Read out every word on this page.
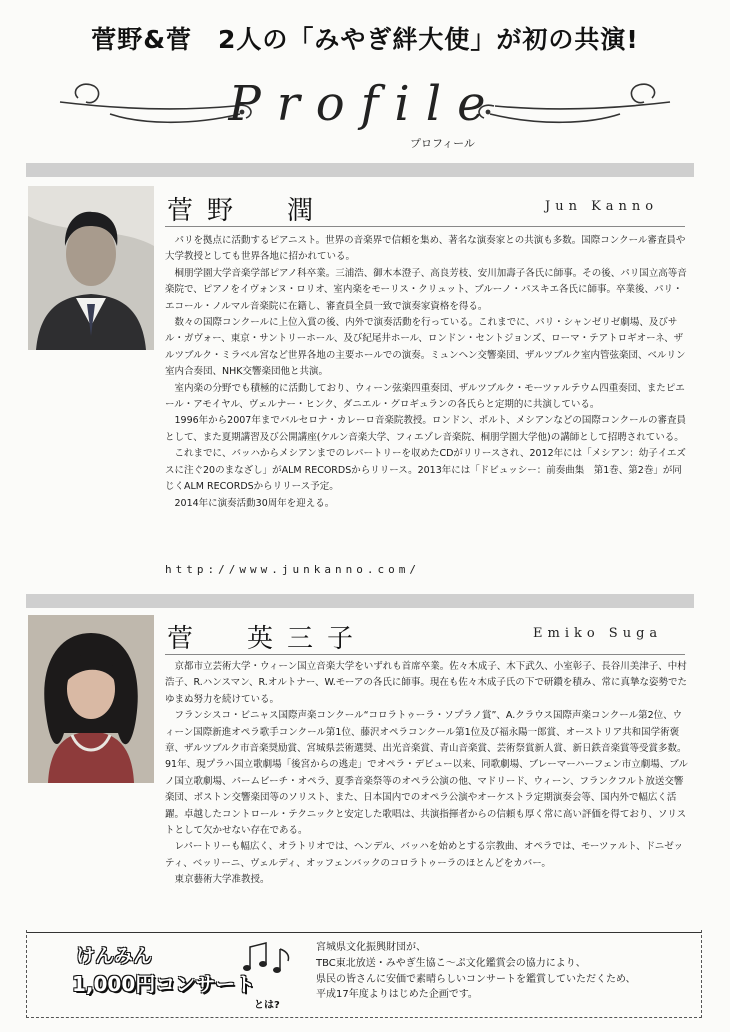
菅野&菅　2人の「みやぎ絆大使」が初の共演!
Profile
プロフィール
菅野　潤	Jun Kanno

パリを拠点に活動するピアニスト。世界の音楽界で信頼を集め、著名な演奏家との共演も多数。国際コンクール審査員や大学教授としても世界各地に招かれている。

桐朋学園大学音楽学部ピアノ科卒業。三浦浩、御木本澄子、高良芳枝、安川加壽子各氏に師事。その後、パリ国立高等音楽院で、ピアノをイヴォンヌ・ロリオ、室内楽をモーリス・クリュット、ブルーノ・パスキエ各氏に師事。卒業後、パリ・エコール・ノルマル音楽院に在籍し、審査員全員一致で演奏家資格を得る。

数々の国際コンクールに上位入賞の後、内外で演奏活動を行っている。これまでに、パリ・シャンゼリゼ劇場、及びサル・ガヴォー、東京・サントリーホール、及び紀尾井ホール、ロンドン・セントジョンズ、ローマ・テアトロギオーネ、ザルツブルク・ミラベル宮など世界各地の主要ホールでの演奏。ミュンヘン交響楽団、ザルツブルク室内管弦楽団、ベルリン室内合奏団、NHK交響楽団他と共演。

室内楽の分野でも積極的に活動しており、ウィーン弦楽四重奏団、ザルツブルク・モーツァルテウム四重奏団、またピエール・アモイヤル、ヴェルナー・ヒンク、ダニエル・グロギュランの各氏らと定期的に共演している。

1996年から2007年までバルセロナ・カレーロ音楽院教授。ロンドン、ポルト、メシアンなどの国際コンクールの審査員として、また夏期講習及び公開講座(ケルン音楽大学、フィエゾレ音楽院、桐朋学園大学他)の講師として招聘されている。

これまでに、バッハからメシアンまでのレパートリーを収めたCDがリリースされ、2012年には「メシアン：幼子イエズスに注ぐ20のまなざし」がALM RECORDSからリリース。2013年には「ドビュッシー：前奏曲集　第1巻、第2巻」が同じくALM RECORDSからリリース予定。

2014年に演奏活動30周年を迎える。

http://www.junkanno.com/
菅　英三子	Emiko Suga

京都市立芸術大学・ウィーン国立音楽大学をいずれも首席卒業。佐々木成子、木下武久、小室彰子、長谷川美津子、中村浩子、R.ハンスマン、R.オルトナー、W.モーアの各氏に師事。現在も佐々木成子氏の下で研鑽を積み、常に真摯な姿勢でたゆまぬ努力を続けている。

フランシスコ・ビニャス国際声楽コンクール“コロラトゥーラ・ソプラノ賞”、A.クラウス国際声楽コンクール第2位、ウィーン国際新進オペラ歌手コンクール第1位、藤沢オペラコンクール第1位及び福永陽一郎賞、オーストリア共和国学術褒章、ザルツブルク市音楽奨励賞、宮城県芸術選奨、出光音楽賞、青山音楽賞、芸術祭賞新人賞、新日鉄音楽賞等受賞多数。91年、現プラハ国立歌劇場「後宮からの逃走」でオペラ・デビュー以来、同歌劇場、ブレーマーハーフェン市立劇場、ブルノ国立歌劇場、パームビーチ・オペラ、夏季音楽祭等のオペラ公演の他、マドリード、ウィーン、フランクフルト放送交響楽団、ボストン交響楽団等のソリスト、また、日本国内でのオペラ公演やオーケストラ定期演奏会等、国内外で幅広く活躍。卓越したコントロール・テクニックと安定した歌唱は、共演指揮者からの信頼も厚く常に高い評価を得ており、ソリストとして欠かせない存在である。

レパートリーも幅広く、オラトリオでは、ヘンデル、バッハを始めとする宗教曲、オペラでは、モーツァルト、ドニゼッティ、ベッリーニ、ヴェルディ、オッフェンバックのコロラトゥーラのほとんどをカバー。

東京藝術大学准教授。

けんみん
1,000円コンサート
とは?
宮城県文化振興財団が、
TBC東北放送・みやぎ生協こ～ぷ文化鑑賞会の協力により、
県民の皆さんに安価で素晴らしいコンサートを鑑賞していただくため、
平成17年度よりはじめた企画です。
